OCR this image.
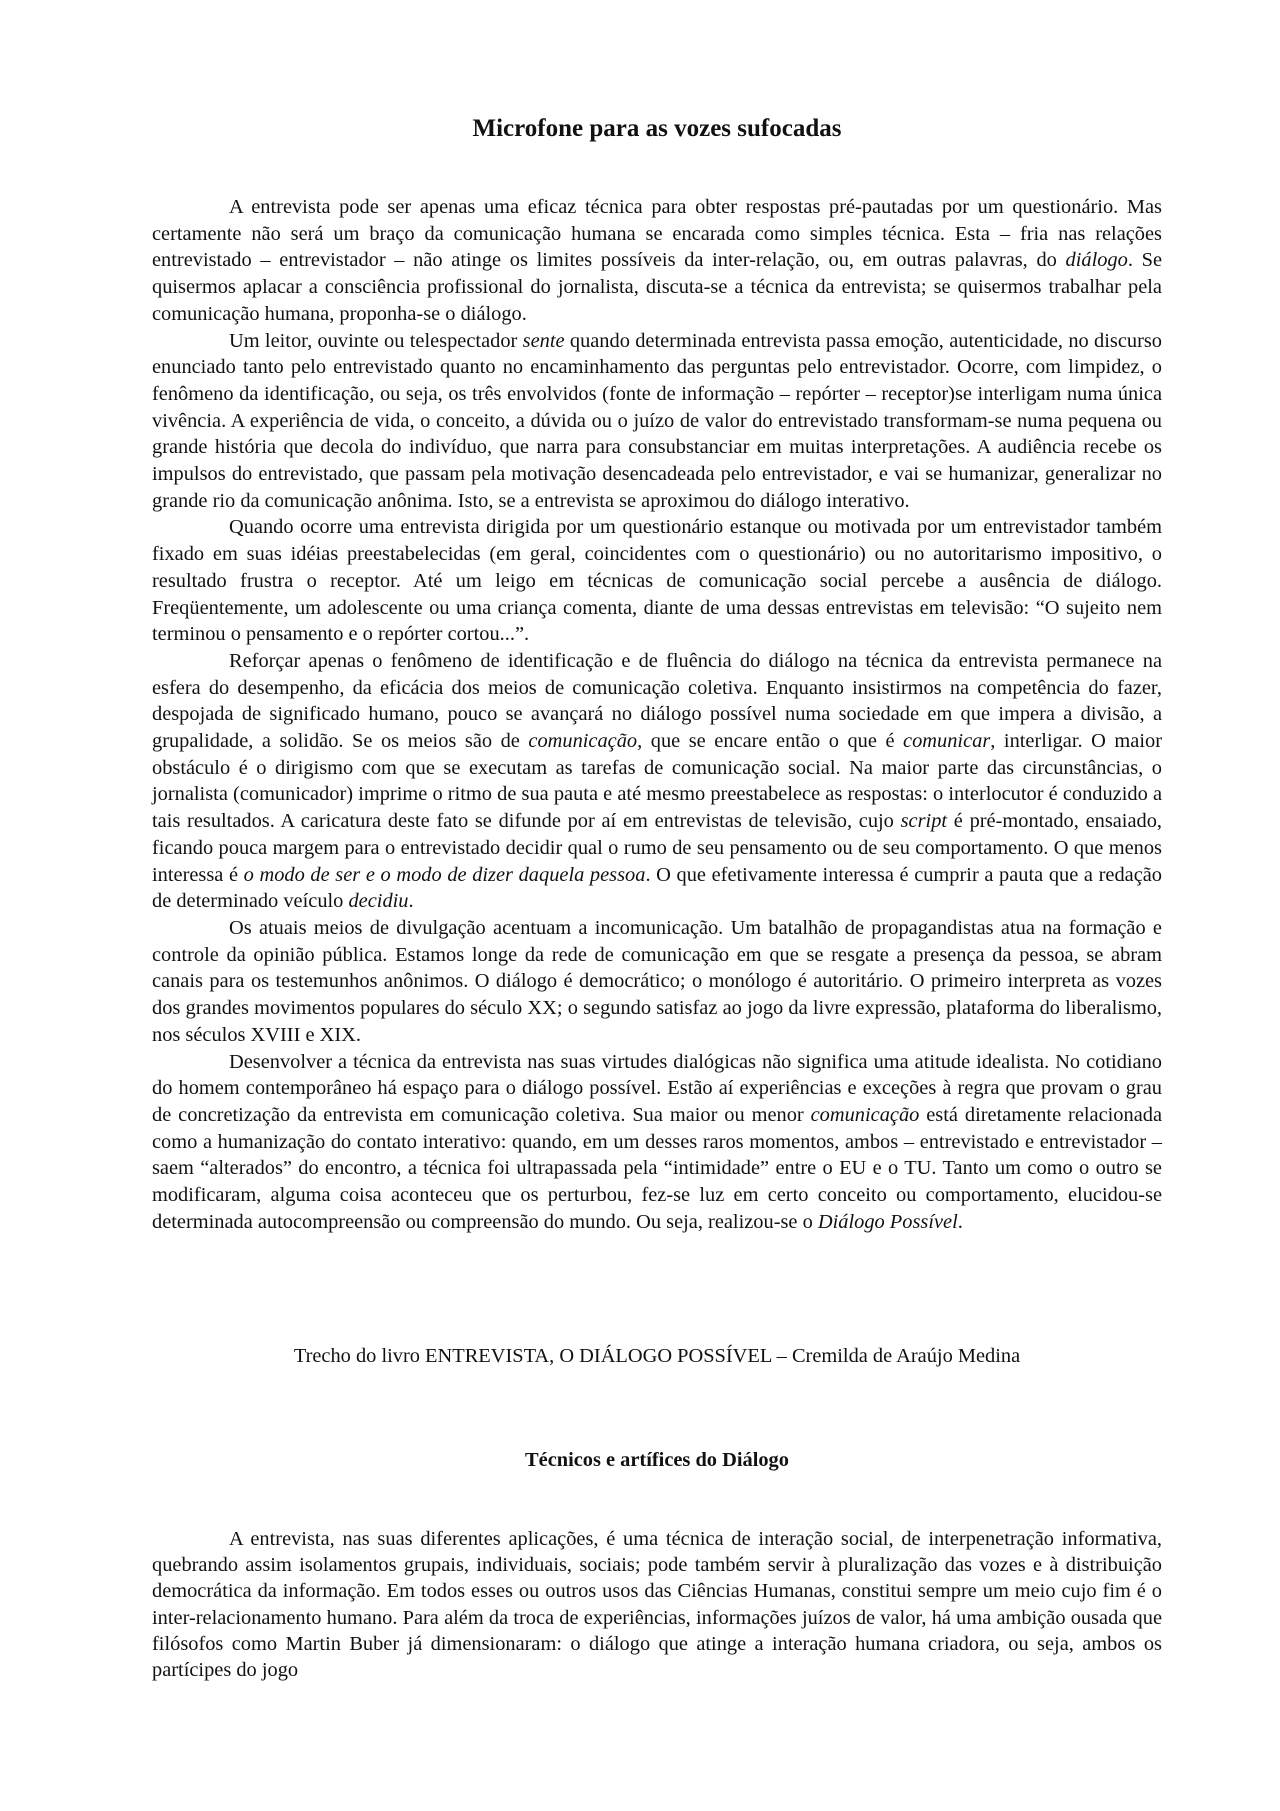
Microfone para as vozes sufocadas

A entrevista pode ser apenas uma eficaz técnica para obter respostas pré-pautadas por um questionário. Mas certamente não será um braço da comunicação humana se encarada como simples técnica. Esta – fria nas relações entrevistado – entrevistador – não atinge os limites possíveis da inter-relação, ou, em outras palavras, do diálogo. Se quisermos aplacar a consciência profissional do jornalista, discuta-se a técnica da entrevista; se quisermos trabalhar pela comunicação humana, proponha-se o diálogo.

Um leitor, ouvinte ou telespectador sente quando determinada entrevista passa emoção, autenticidade, no discurso enunciado tanto pelo entrevistado quanto no encaminhamento das perguntas pelo entrevistador. Ocorre, com limpidez, o fenômeno da identificação, ou seja, os três envolvidos (fonte de informação – repórter – receptor)se interligam numa única vivência. A experiência de vida, o conceito, a dúvida ou o juízo de valor do entrevistado transformam-se numa pequena ou grande história que decola do indivíduo, que narra para consubstanciar em muitas interpretações. A audiência recebe os impulsos do entrevistado, que passam pela motivação desencadeada pelo entrevistador, e vai se humanizar, generalizar no grande rio da comunicação anônima. Isto, se a entrevista se aproximou do diálogo interativo.

Quando ocorre uma entrevista dirigida por um questionário estanque ou motivada por um entrevistador também fixado em suas idéias preestabelecidas (em geral, coincidentes com o questionário) ou no autoritarismo impositivo, o resultado frustra o receptor. Até um leigo em técnicas de comunicação social percebe a ausência de diálogo. Freqüentemente, um adolescente ou uma criança comenta, diante de uma dessas entrevistas em televisão: “O sujeito nem terminou o pensamento e o repórter cortou...”.

Reforçar apenas o fenômeno de identificação e de fluência do diálogo na técnica da entrevista permanece na esfera do desempenho, da eficácia dos meios de comunicação coletiva. Enquanto insistirmos na competência do fazer, despojada de significado humano, pouco se avançará no diálogo possível numa sociedade em que impera a divisão, a grupalidade, a solidão. Se os meios são de comunicação, que se encare então o que é comunicar, interligar. O maior obstáculo é o dirigismo com que se executam as tarefas de comunicação social. Na maior parte das circunstâncias, o jornalista (comunicador) imprime o ritmo de sua pauta e até mesmo preestabelece as respostas: o interlocutor é conduzido a tais resultados. A caricatura deste fato se difunde por aí em entrevistas de televisão, cujo script é pré-montado, ensaiado, ficando pouca margem para o entrevistado decidir qual o rumo de seu pensamento ou de seu comportamento. O que menos interessa é o modo de ser e o modo de dizer daquela pessoa. O que efetivamente interessa é cumprir a pauta que a redação de determinado veículo decidiu.

Os atuais meios de divulgação acentuam a incomunicação. Um batalhão de propagandistas atua na formação e controle da opinião pública. Estamos longe da rede de comunicação em que se resgate a presença da pessoa, se abram canais para os testemunhos anônimos. O diálogo é democrático; o monólogo é autoritário. O primeiro interpreta as vozes dos grandes movimentos populares do século XX; o segundo satisfaz ao jogo da livre expressão, plataforma do liberalismo, nos séculos XVIII e XIX.

Desenvolver a técnica da entrevista nas suas virtudes dialógicas não significa uma atitude idealista. No cotidiano do homem contemporâneo há espaço para o diálogo possível. Estão aí experiências e exceções à regra que provam o grau de concretização da entrevista em comunicação coletiva. Sua maior ou menor comunicação está diretamente relacionada como a humanização do contato interativo: quando, em um desses raros momentos, ambos – entrevistado e entrevistador – saem “alterados” do encontro, a técnica foi ultrapassada pela “intimidade” entre o EU e o TU. Tanto um como o outro se modificaram, alguma coisa aconteceu que os perturbou, fez-se luz em certo conceito ou comportamento, elucidou-se determinada autocompreensão ou compreensão do mundo. Ou seja, realizou-se o Diálogo Possível.

Trecho do livro ENTREVISTA, O DIÁLOGO POSSÍVEL – Cremilda de Araújo Medina

Técnicos e artífices do Diálogo

A entrevista, nas suas diferentes aplicações, é uma técnica de interação social, de interpenetração informativa, quebrando assim isolamentos grupais, individuais, sociais; pode também servir à pluralização das vozes e à distribuição democrática da informação. Em todos esses ou outros usos das Ciências Humanas, constitui sempre um meio cujo fim é o inter-relacionamento humano. Para além da troca de experiências, informações juízos de valor, há uma ambição ousada que filósofos como Martin Buber já dimensionaram: o diálogo que atinge a interação humana criadora, ou seja, ambos os partícipes do jogo
